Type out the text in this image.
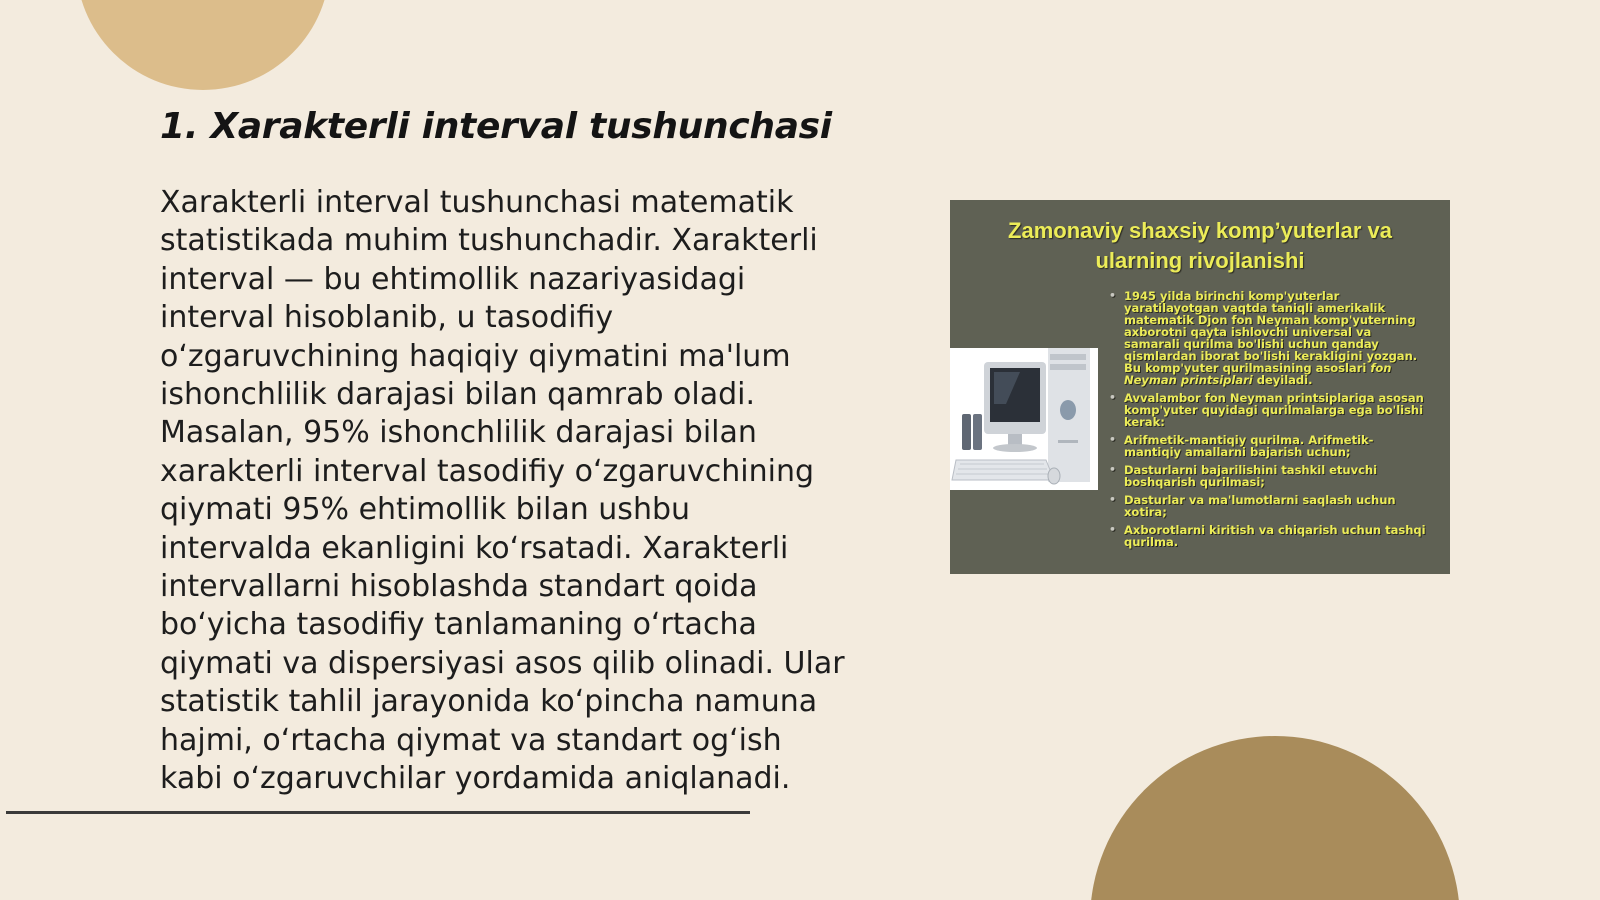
1. Xarakterli interval tushunchasi

Xarakterli interval tushunchasi matematik statistikada muhim tushunchadir. Xarakterli interval — bu ehtimollik nazariyasidagi interval hisoblanib, u tasodifiy oʻzgaruvchining haqiqiy qiymatini ma'lum ishonchlilik darajasi bilan qamrab oladi. Masalan, 95% ishonchlilik darajasi bilan xarakterli interval tasodifiy oʻzgaruvchining qiymati 95% ehtimollik bilan ushbu intervalda ekanligini koʻrsatadi. Xarakterli intervallarni hisoblashda standart qoida boʻyicha tasodifiy tanlamaning oʻrtacha qiymati va dispersiyasi asos qilib olinadi. Ular statistik tahlil jarayonida koʻpincha namuna hajmi, oʻrtacha qiymat va standart ogʻish kabi oʻzgaruvchilar yordamida aniqlanadi.

Zamonaviy shaxsiy kompʼyuterlar va
ularning rivojlanishi
• 1945 yilda birinchi komp'yuterlar yaratilayotgan vaqtda taniqli amerikalik matematik Djon fon Neyman komp'yuterning axborotni qayta ishlovchi universal va samarali qurilma bo'lishi uchun qanday qismlardan iborat bo'lishi kerakligini yozgan. Bu komp'yuter qurilmasining asoslari fon Neyman printsiplari deyiladi.
• Avvalambor fon Neyman printsiplariga asosan komp'yuter quyidagi qurilmalarga ega bo'lishi kerak:
• Arifmetik-mantiqiy qurilma. Arifmetik-mantiqiy amallarni bajarish uchun;
• Dasturlarni bajarilishini tashkil etuvchi boshqarish qurilmasi;
• Dasturlar va ma'lumotlarni saqlash uchun xotira;
• Axborotlarni kiritish va chiqarish uchun tashqi qurilma.
